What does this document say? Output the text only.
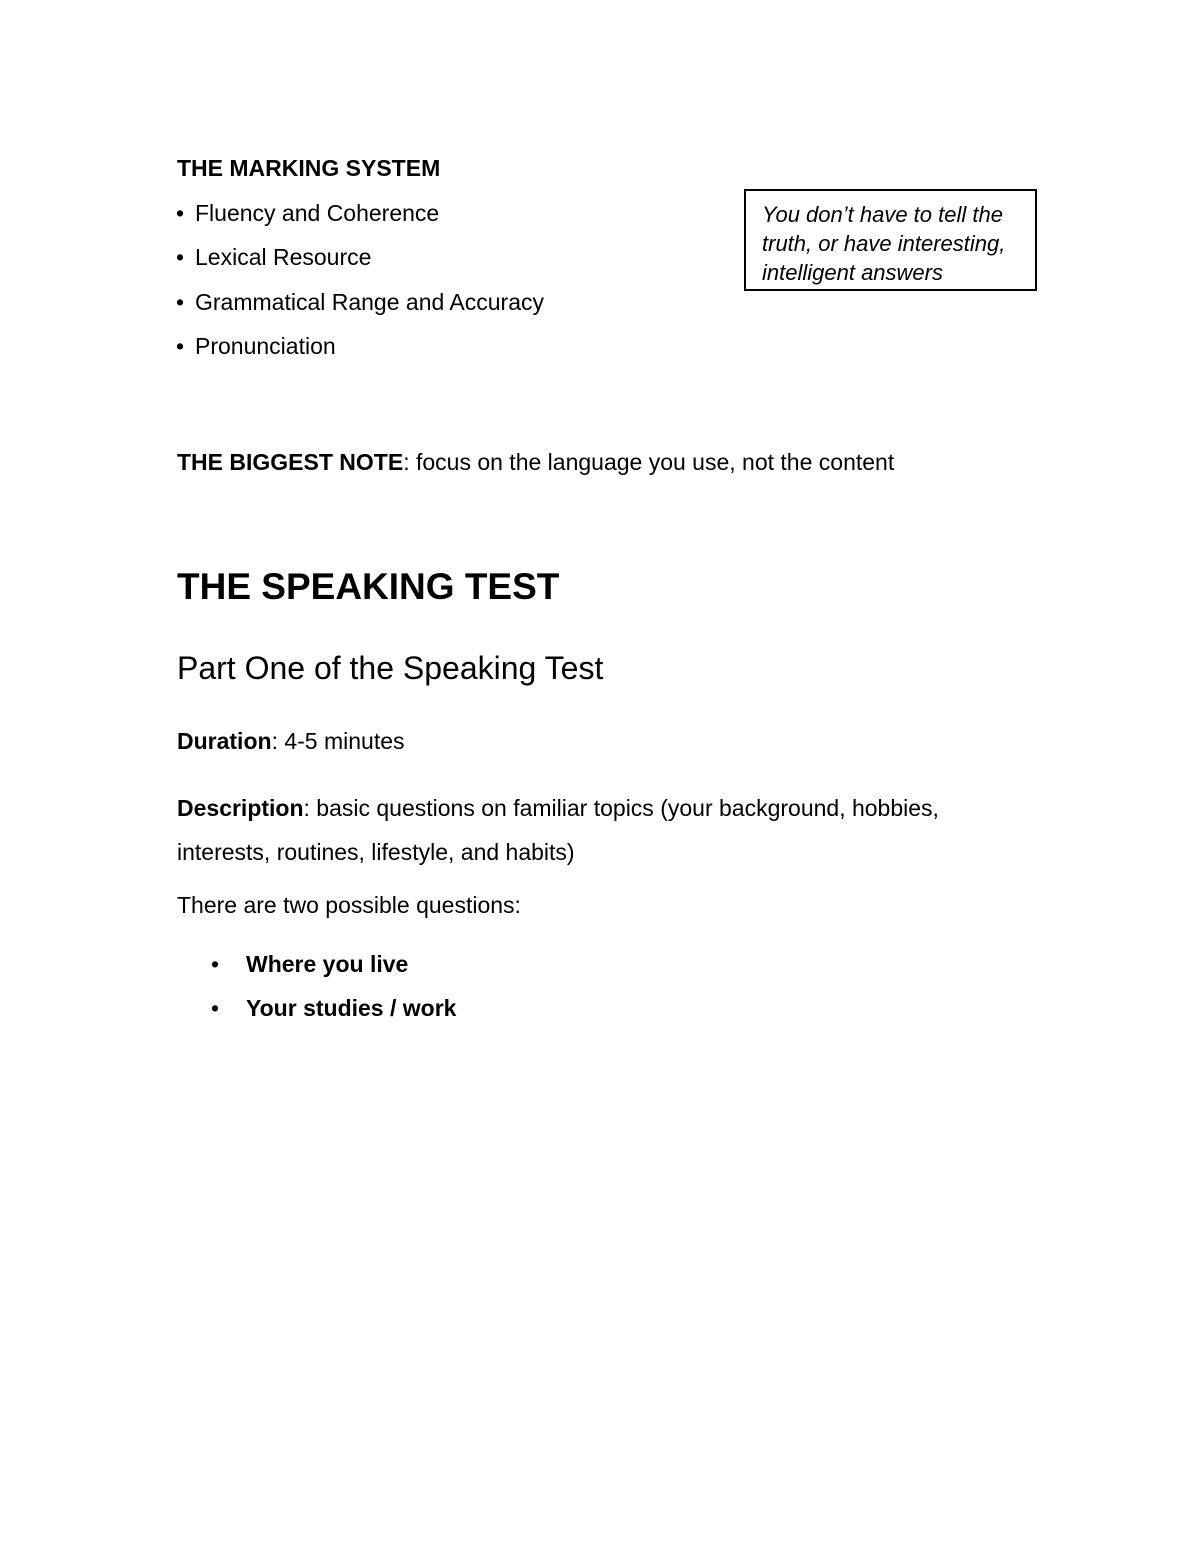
THE MARKING SYSTEM
• Fluency and Coherence
• Lexical Resource
• Grammatical Range and Accuracy
• Pronunciation

You don’t have to tell the truth, or have interesting, intelligent answers

THE BIGGEST NOTE: focus on the language you use, not the content

THE SPEAKING TEST
Part One of the Speaking Test

Duration: 4-5 minutes

Description: basic questions on familiar topics (your background, hobbies, interests, routines, lifestyle, and habits)

There are two possible questions:

• Where you live
• Your studies / work
